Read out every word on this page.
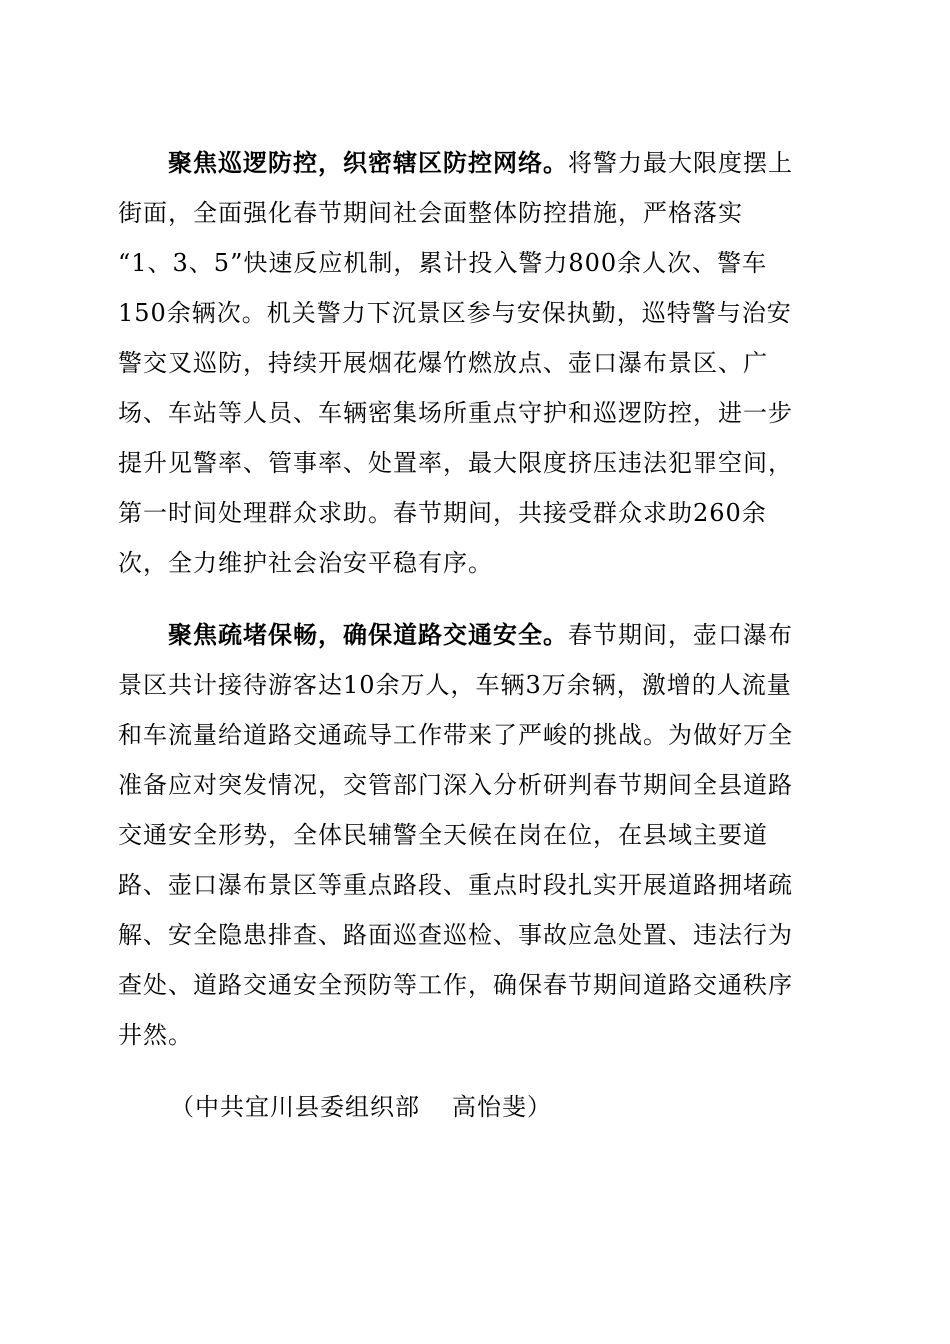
聚焦巡逻防控，织密辖区防控网络。将警力最大限度摆上
街面，全面强化春节期间社会面整体防控措施，严格落实
“1、3、5”快速反应机制，累计投入警力800余人次、警车
150余辆次。机关警力下沉景区参与安保执勤，巡特警与治安
警交叉巡防，持续开展烟花爆竹燃放点、壶口瀑布景区、广
场、车站等人员、车辆密集场所重点守护和巡逻防控，进一步
提升见警率、管事率、处置率，最大限度挤压违法犯罪空间，
第一时间处理群众求助。春节期间，共接受群众求助260余
次，全力维护社会治安平稳有序。
聚焦疏堵保畅，确保道路交通安全。春节期间，壶口瀑布
景区共计接待游客达10余万人，车辆3万余辆，激增的人流量
和车流量给道路交通疏导工作带来了严峻的挑战。为做好万全
准备应对突发情况，交管部门深入分析研判春节期间全县道路
交通安全形势，全体民辅警全天候在岗在位，在县域主要道
路、壶口瀑布景区等重点路段、重点时段扎实开展道路拥堵疏
解、安全隐患排查、路面巡查巡检、事故应急处置、违法行为
查处、道路交通安全预防等工作，确保春节期间道路交通秩序
井然。
（中共宜川县委组织部 高怡斐）
